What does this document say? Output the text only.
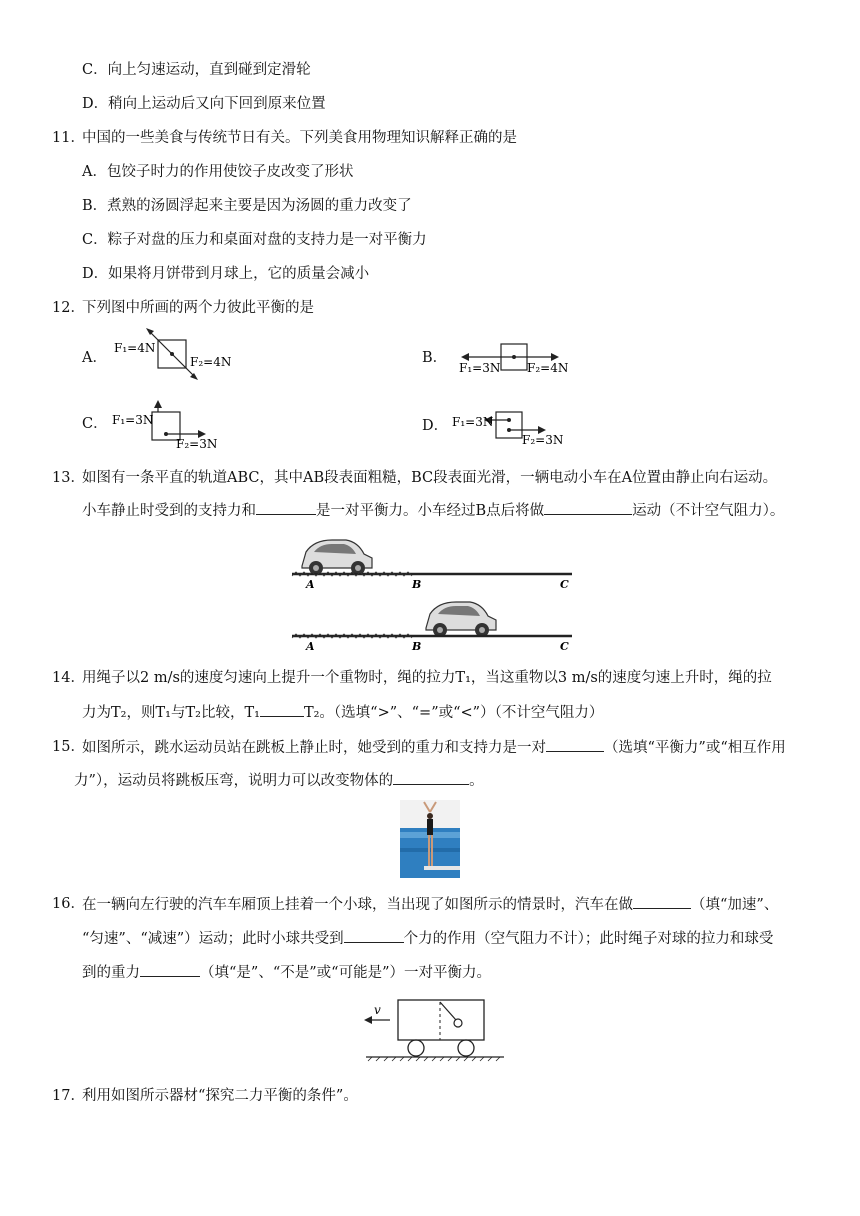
C．向上匀速运动，直到碰到定滑轮
D．稍向上运动后又向下回到原来位置
11．
中国的一些美食与传统节日有关。下列美食用物理知识解释正确的是
A．包饺子时力的作用使饺子皮改变了形状
B．煮熟的汤圆浮起来主要是因为汤圆的重力改变了
C．粽子对盘的压力和桌面对盘的支持力是一对平衡力
D．如果将月饼带到月球上，它的质量会减小
12．
下列图中所画的两个力彼此平衡的是
A．
F₁=4N
F₂=4N	B．
F₁=3N F₂=4N
C． F₁=3N
F₂=3N
D． F₁=3N
F₂=3N
13．
如图有一条平直的轨道ABC，其中AB段表面粗糙，BC段表面光滑，一辆电动小车在A位置由静止向右运动。
小车静止时受到的支持力和	是一对平衡力。小车经过B点后将做	运动（不计空气阻力）。
A	B	C
A	B	C
14．
用绳子以2 m/s的速度匀速向上提升一个重物时，绳的拉力T₁，当这重物以3 m/s的速度匀速上升时，绳的拉
力为T₂，则T₁与T₂比较，T₁	T₂。（选填“>”、“=”或“<”）（不计空气阻力）
15．
如图所示，跳水运动员站在跳板上静止时，她受到的重力和支持力是一对	（选填“平衡力”或“相互作用
力”），运动员将跳板压弯，说明力可以改变物体的	。
16．
在一辆向左行驶的汽车车厢顶上挂着一个小球，当出现了如图所示的情景时，汽车在做	（填“加速”、
“匀速”、“减速”）运动；此时小球共受到	个力的作用（空气阻力不计）；此时绳子对球的拉力和球受
到的重力	（填“是”、“不是”或“可能是”）一对平衡力。
v
17．
利用如图所示器材“探究二力平衡的条件”。
